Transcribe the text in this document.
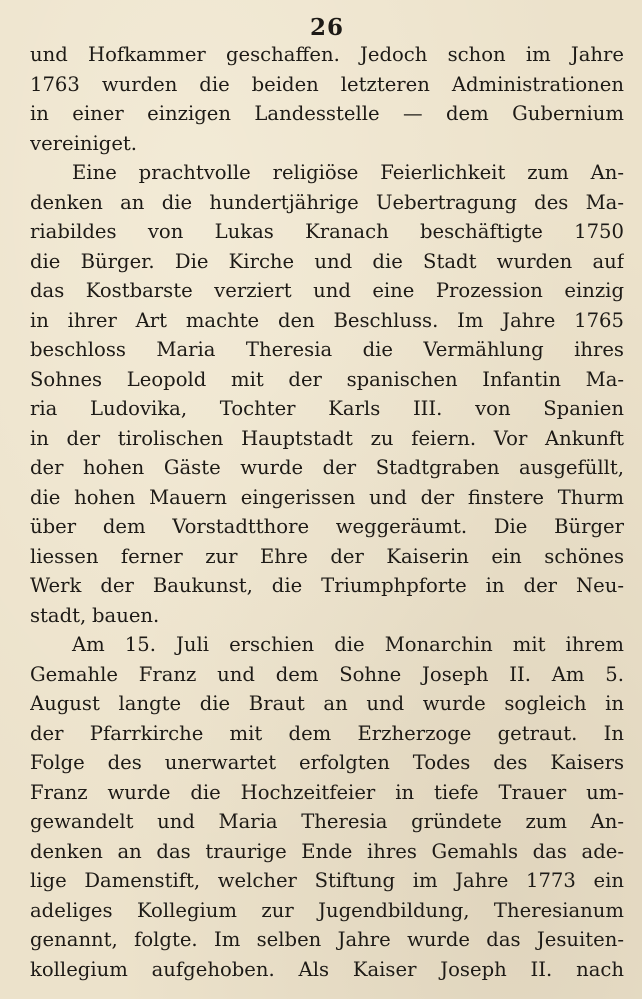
26
und Hofkammer geschaffen. Jedoch schon im Jahre
1763 wurden die beiden letzteren Administrationen
in einer einzigen Landesstelle — dem Gubernium
vereiniget.
Eine prachtvolle religiöse Feierlichkeit zum An-
denken an die hundertjährige Uebertragung des Ma-
riabildes von Lukas Kranach beschäftigte 1750
die Bürger. Die Kirche und die Stadt wurden auf
das Kostbarste verziert und eine Prozession einzig
in ihrer Art machte den Beschluss. Im Jahre 1765
beschloss Maria Theresia die Vermählung ihres
Sohnes Leopold mit der spanischen Infantin Ma-
ria Ludovika, Tochter Karls III. von Spanien
in der tirolischen Hauptstadt zu feiern. Vor Ankunft
der hohen Gäste wurde der Stadtgraben ausgefüllt,
die hohen Mauern eingerissen und der finstere Thurm
über dem Vorstadtthore weggeräumt. Die Bürger
liessen ferner zur Ehre der Kaiserin ein schönes
Werk der Baukunst, die Triumphpforte in der Neu-
stadt, bauen.
Am 15. Juli erschien die Monarchin mit ihrem
Gemahle Franz und dem Sohne Joseph II. Am 5.
August langte die Braut an und wurde sogleich in
der Pfarrkirche mit dem Erzherzoge getraut. In
Folge des unerwartet erfolgten Todes des Kaisers
Franz wurde die Hochzeitfeier in tiefe Trauer um-
gewandelt und Maria Theresia gründete zum An-
denken an das traurige Ende ihres Gemahls das ade-
lige Damenstift, welcher Stiftung im Jahre 1773 ein
adeliges Kollegium zur Jugendbildung, Theresianum
genannt, folgte. Im selben Jahre wurde das Jesuiten-
kollegium aufgehoben. Als Kaiser Joseph II. nach
